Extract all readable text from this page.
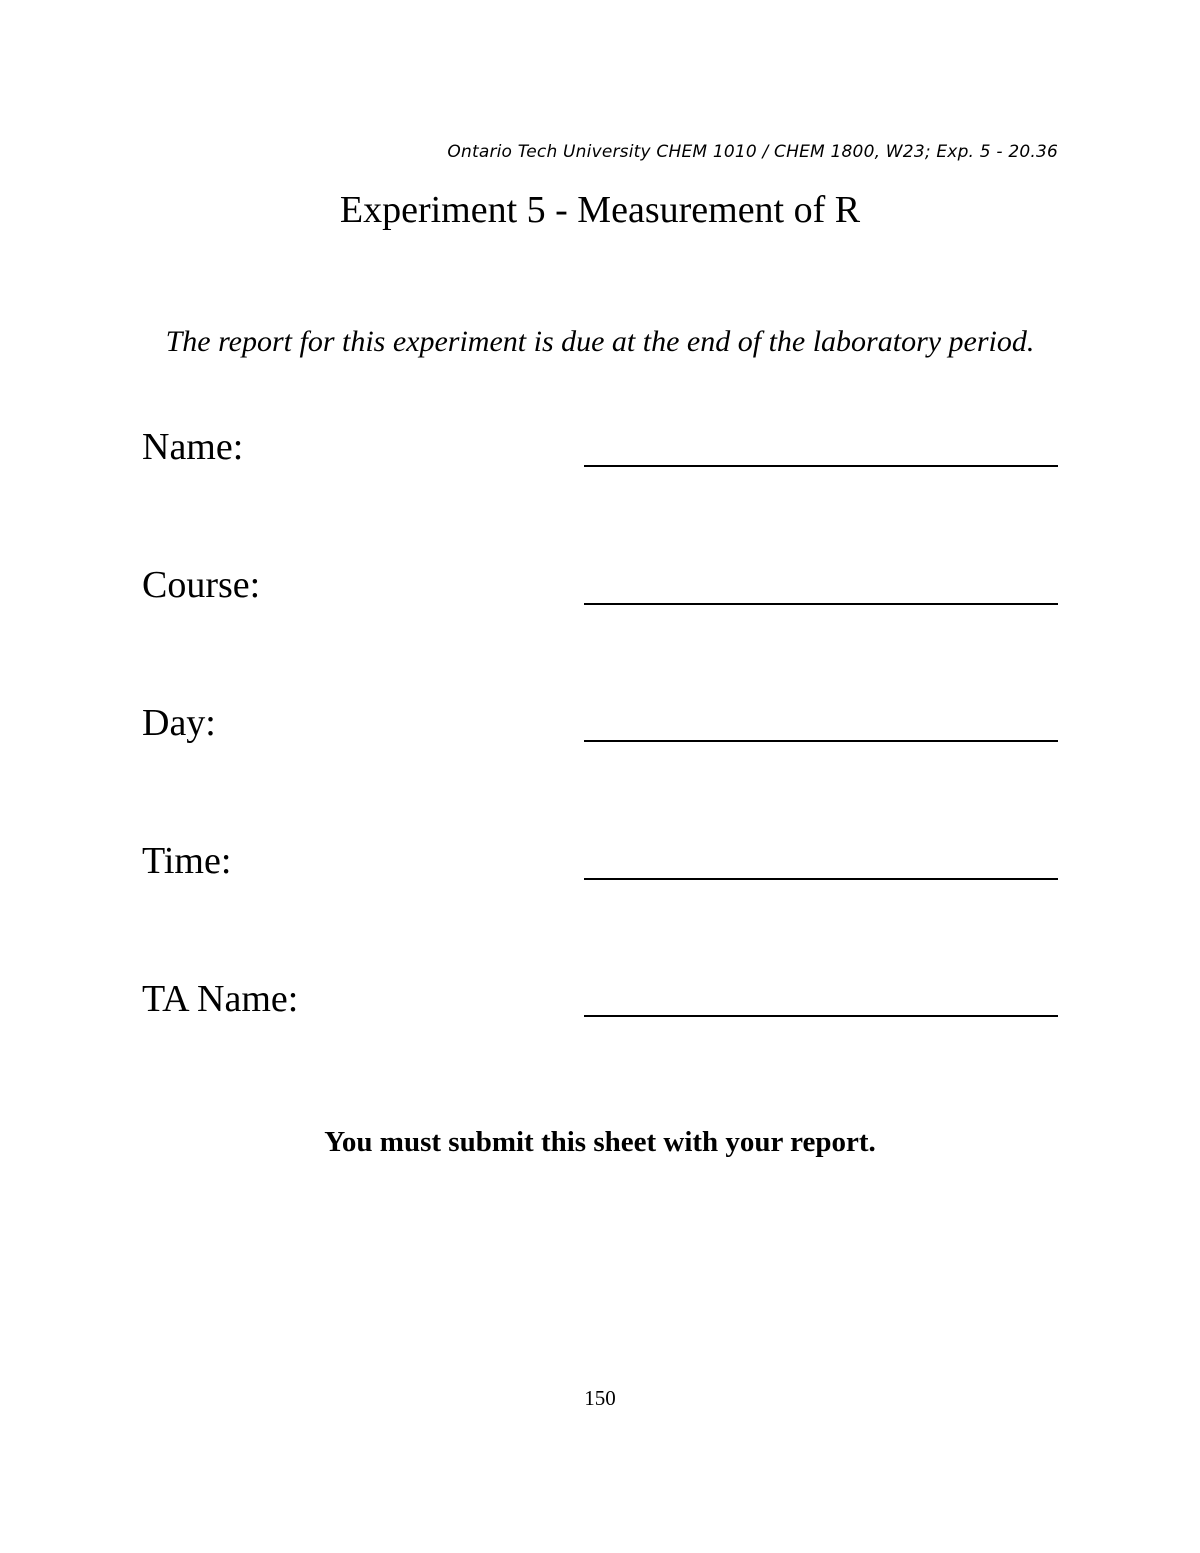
Ontario Tech University CHEM 1010 / CHEM 1800, W23; Exp. 5 - 20.36
Experiment 5 - Measurement of R
The report for this experiment is due at the end of the laboratory period.
Name:
Course:
Day:
Time:
TA Name:
You must submit this sheet with your report.
150
